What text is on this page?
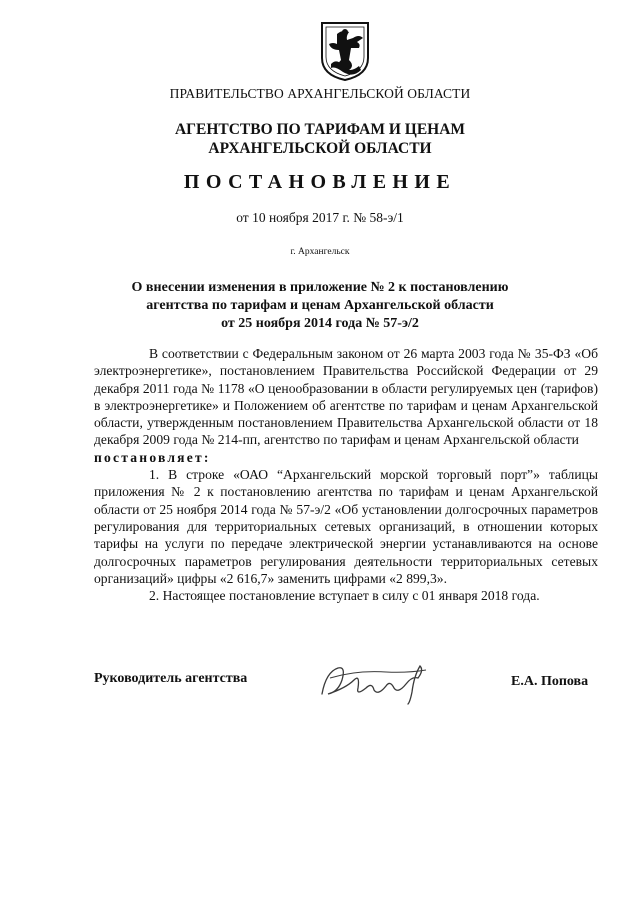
ПРАВИТЕЛЬСТВО АРХАНГЕЛЬСКОЙ ОБЛАСТИ
АГЕНТСТВО ПО ТАРИФАМ И ЦЕНАМ
АРХАНГЕЛЬСКОЙ ОБЛАСТИ
ПОСТАНОВЛЕНИЕ
от 10 ноября 2017 г. № 58-э/1
г. Архангельск
О внесении изменения в приложение № 2 к постановлению
агентства по тарифам и ценам Архангельской области
от 25 ноября 2014 года № 57-э/2

В соответствии с Федеральным законом от 26 марта 2003 года № 35-ФЗ «Об электроэнергетике», постановлением Правительства Российской Федерации от 29 декабря 2011 года № 1178 «О ценообразовании в области регулируемых цен (тарифов) в электроэнергетике» и Положением об агентстве по тарифам и ценам Архангельской области, утвержденным постановлением Правительства Архангельской области от 18 декабря 2009 года № 214-пп, агентство по тарифам и ценам Архангельской области

постановляет:

1. В строке «ОАО “Архангельский морской торговый порт”» таблицы приложения № 2 к постановлению агентства по тарифам и ценам Архангельской области от 25 ноября 2014 года № 57-э/2 «Об установлении долгосрочных параметров регулирования для территориальных сетевых организаций, в отношении которых тарифы на услуги по передаче электрической энергии устанавливаются на основе долгосрочных параметров регулирования деятельности территориальных сетевых организаций» цифры «2 616,7» заменить цифрами «2 899,3».

2. Настоящее постановление вступает в силу с 01 января 2018 года.

Руководитель агентства	Е.А. Попова
